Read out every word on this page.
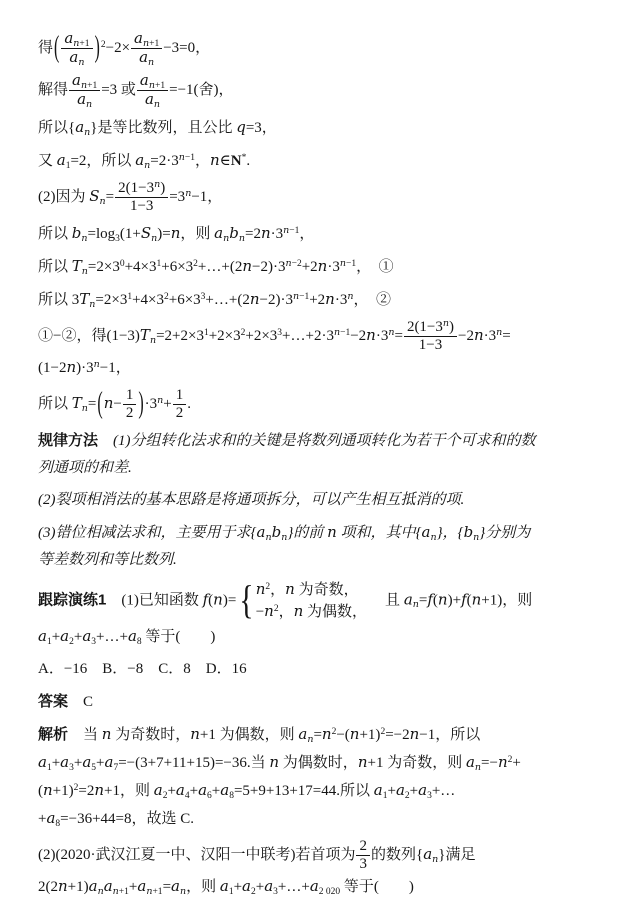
得( $\frac{a_{n+1}}{a_n} )^2-2\times \frac{a_{n+1}}{a_n} -3=0$，

解得 $\frac{a_{n+1}}{a_n} =3$ 或 $\frac{a_{n+1}}{a_n} =-1$(舍)，

所以$\{a_n\}$是等比数列，且公比 q=3，

又 $a_1=2$，所以 $a_n=2\cdot 3^{n-1}$，n∈N*.

(2)因为 $S_n= \frac{2(1-3^n)}{1-3} =3^n-1$，

所以 $b_n=\log_3(1+S_n)=n$，则 $a_nb_n=2n\cdot 3^{n-1}$，

所以 $T_n=2\times 3^0+4\times 3^1+6\times 3^2+\dots+(2n-2)\cdot 3^{n-2}+2n\cdot 3^{n-1}$，　①

所以 $3T_n=2\times 3^1+4\times 3^2+6\times 3^3+\dots+(2n-2)\cdot 3^{n-1}+2n\cdot 3^n$，　②

①−②，得$(1-3)T_n=2+2\times 3^1+2\times 3^2+2\times 3^3+\dots+2\cdot 3^{n-1}-2n\cdot 3^n= \frac{2(1-3^n)}{1-3} -2n\cdot 3^n=(1-2n)\cdot 3^n-1$，

所以 $T_n=(n- \frac{1}{2} )\cdot 3^n+ \frac{1}{2}$ .

规律方法　 (1)分组转化法求和的关键是将数列通项转化为若干个可求和的数列通项的和差.

(2)裂项相消法的基本思路是将通项拆分，可以产生相互抵消的项.

(3)错位相减法求和，主要用于求$\{a_nb_n\}$的前 n 项和，其中$\{a_n\}$，$\{b_n\}$分别为等差数列和等比数列.

跟踪演练1　(1)已知函数 f(n)= { $n^2$，n 为奇数，
$-n^2$，n 为偶数，
　且 $a_n=f(n)+f(n+1)$，则 $a_1+a_2+a_3+\dots+a_8$ 等于(　　)

A．−16　B．−8　C．8　D．16

答案　C

解析　当 n 为奇数时，n+1 为偶数，则 $a_n=n^2-(n+1)^2=-2n-1$，所以 $a_1+a_3+a_5+a_7=-(3+7+11+15)=-36$.当 n 为偶数时，n+1 为奇数，则 $a_n=-n^2+(n+1)^2=2n+1$，则 $a_2+a_4+a_6+a_8=5+9+13+17=44$.所以 $a_1+a_2+a_3+\dots+a_8=-36+44=8$，故选 C.

(2)(2020·武汉江夏一中、汉阳一中联考)若首项为 $\frac{2}{3}$ 的数列$\{a_n\}$满足 $2(2n+1)a_na_{n+1}+a_{n+1}=a_n$，则 $a_1+a_2+a_3+\dots+a_{2 020}$ 等于(　　)
